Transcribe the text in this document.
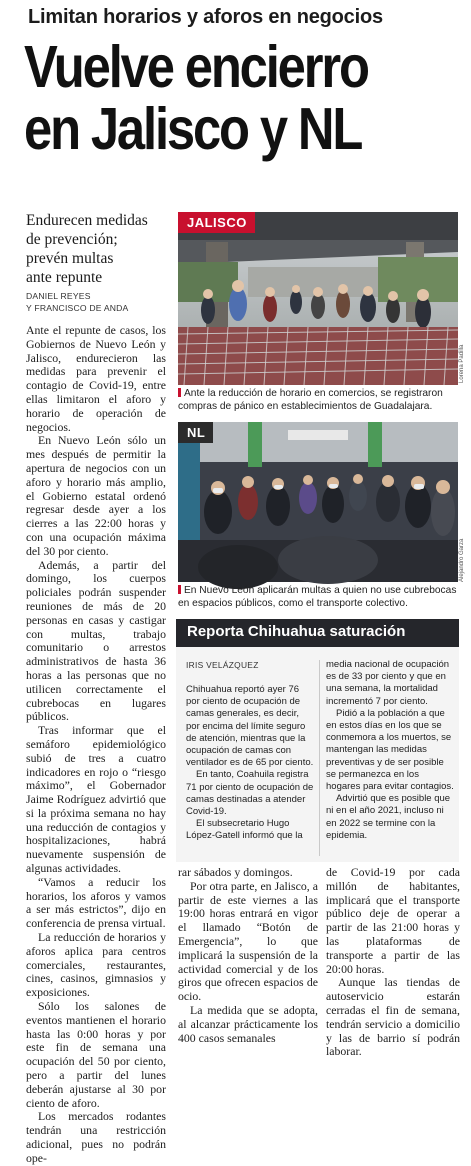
Limitan horarios y aforos en negocios
Vuelve encierro
en Jalisco y NL
Endurecen medidas
de prevención;
prevén multas
ante repunte
DANIEL REYES
Y FRANCISCO DE ANDA

Ante el repunte de casos, los Gobiernos de Nuevo León y Jalisco, endurecieron las medidas para prevenir el contagio de Covid-19, entre ellas limitaron el aforo y horario de operación de negocios.

En Nuevo León sólo un mes después de permitir la apertura de negocios con un aforo y horario más amplio, el Gobierno estatal ordenó regresar desde ayer a los cierres a las 22:00 horas y con una ocupación máxima del 30 por ciento.

Además, a partir del domingo, los cuerpos policiales podrán suspender reuniones de más de 20 personas en casas y castigar con multas, trabajo comunitario o arrestos administrativos de hasta 36 horas a las personas que no utilicen correctamente el cubrebocas en lugares públicos.

Tras informar que el semáforo epidemiológico subió de tres a cuatro indicadores en rojo o “riesgo máximo”, el Gobernador Jaime Rodríguez advirtió que si la próxima semana no hay una reducción de contagios y hospitalizaciones, habrá nuevamente suspensión de algunas actividades.

“Vamos a reducir los horarios, los aforos y vamos a ser más estrictos”, dijo en conferencia de prensa virtual.

La reducción de horarios y aforos aplica para centros comerciales, restaurantes, cines, casinos, gimnasios y exposiciones.

Sólo los salones de eventos mantienen el horario hasta las 0:00 horas y por este fin de semana una ocupación del 50 por ciento, pero a partir del lunes deberán ajustarse al 30 por ciento de aforo.

Los mercados rodantes tendrán una restricción adicional, pues no podrán ope-

JALISCO
Lorena Padilla
Ante la reducción de horario en comercios, se registraron compras de pánico en establecimientos de Guadalajara.
NL
Alejandro Garza
En Nuevo León aplicarán multas a quien no use cubrebocas en espacios públicos, como el transporte colectivo.
Reporta Chihuahua saturación
IRIS VELÁZQUEZ

Chihuahua reportó ayer 76 por ciento de ocupación de camas generales, es decir, por encima del límite seguro de atención, mientras que la ocupación de camas con ventilador es de 65 por ciento.

En tanto, Coahuila registra 71 por ciento de ocupación de camas destinadas a atender Covid-19.

El subsecretario Hugo López-Gatell informó que la

media nacional de ocupación es de 33 por ciento y que en una semana, la mortalidad incrementó 7 por ciento.

Pidió a la población a que en estos días en los que se conmemora a los muertos, se mantengan las medidas preventivas y de ser posible se permanezca en los hogares para evitar contagios.

Advirtió que es posible que ni en el año 2021, incluso ni en 2022 se termine con la epidemia.

rar sábados y domingos.

Por otra parte, en Jalisco, a partir de este viernes a las 19:00 horas entrará en vigor el llamado “Botón de Emergencia”, lo que implicará la suspensión de la actividad comercial y de los giros que ofrecen espacios de ocio.

La medida que se adopta, al alcanzar prácticamente los 400 casos semanales

de Covid-19 por cada millón de habitantes, implicará que el transporte público deje de operar a partir de las 21:00 horas y las plataformas de transporte a partir de las 20:00 horas.

Aunque las tiendas de autoservicio estarán cerradas el fin de semana, tendrán servicio a domicilio y las de barrio sí podrán laborar.
